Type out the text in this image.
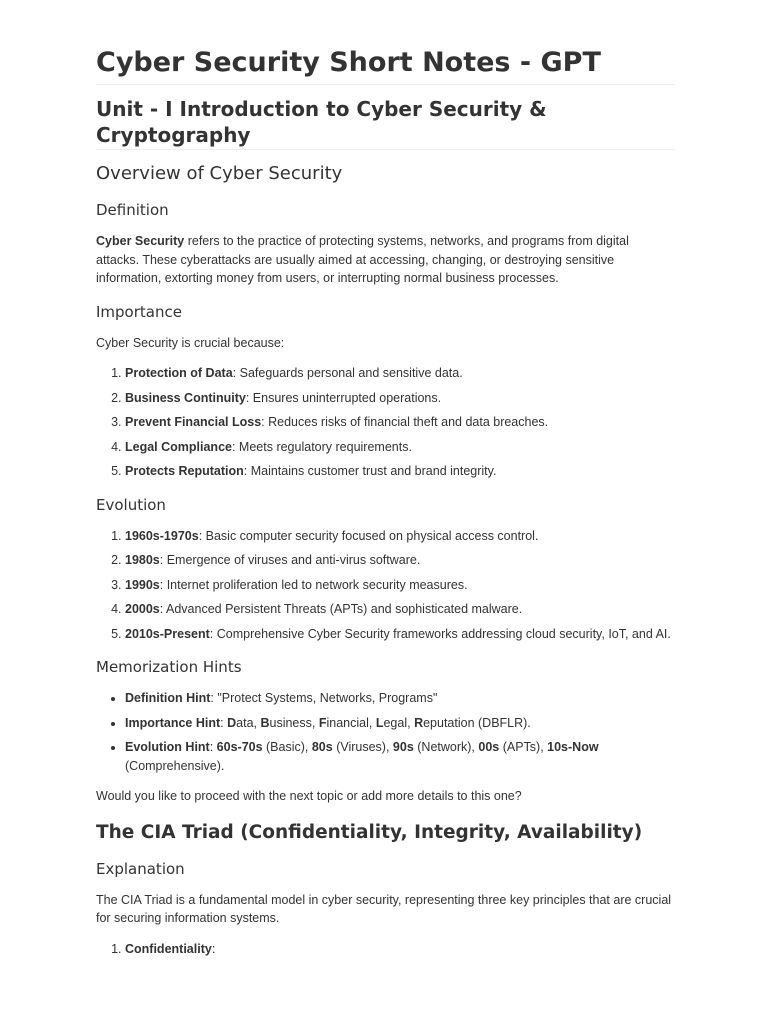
Cyber Security Short Notes - GPT
Unit - I Introduction to Cyber Security & Cryptography
Overview of Cyber Security
Definition

Cyber Security refers to the practice of protecting systems, networks, and programs from digital attacks. These cyberattacks are usually aimed at accessing, changing, or destroying sensitive information, extorting money from users, or interrupting normal business processes.

Importance

Cyber Security is crucial because:

1. Protection of Data: Safeguards personal and sensitive data.
2. Business Continuity: Ensures uninterrupted operations.
3. Prevent Financial Loss: Reduces risks of financial theft and data breaches.
4. Legal Compliance: Meets regulatory requirements.
5. Protects Reputation: Maintains customer trust and brand integrity.
Evolution
1. 1960s-1970s: Basic computer security focused on physical access control.
2. 1980s: Emergence of viruses and anti-virus software.
3. 1990s: Internet proliferation led to network security measures.
4. 2000s: Advanced Persistent Threats (APTs) and sophisticated malware.
5. 2010s-Present: Comprehensive Cyber Security frameworks addressing cloud security, IoT, and AI.
Memorization Hints
• Definition Hint: "Protect Systems, Networks, Programs"
• Importance Hint: Data, Business, Financial, Legal, Reputation (DBFLR).
• Evolution Hint: 60s-70s (Basic), 80s (Viruses), 90s (Network), 00s (APTs), 10s-Now (Comprehensive).

Would you like to proceed with the next topic or add more details to this one?

The CIA Triad (Confidentiality, Integrity, Availability)
Explanation

The CIA Triad is a fundamental model in cyber security, representing three key principles that are crucial for securing information systems.

1. Confidentiality:
